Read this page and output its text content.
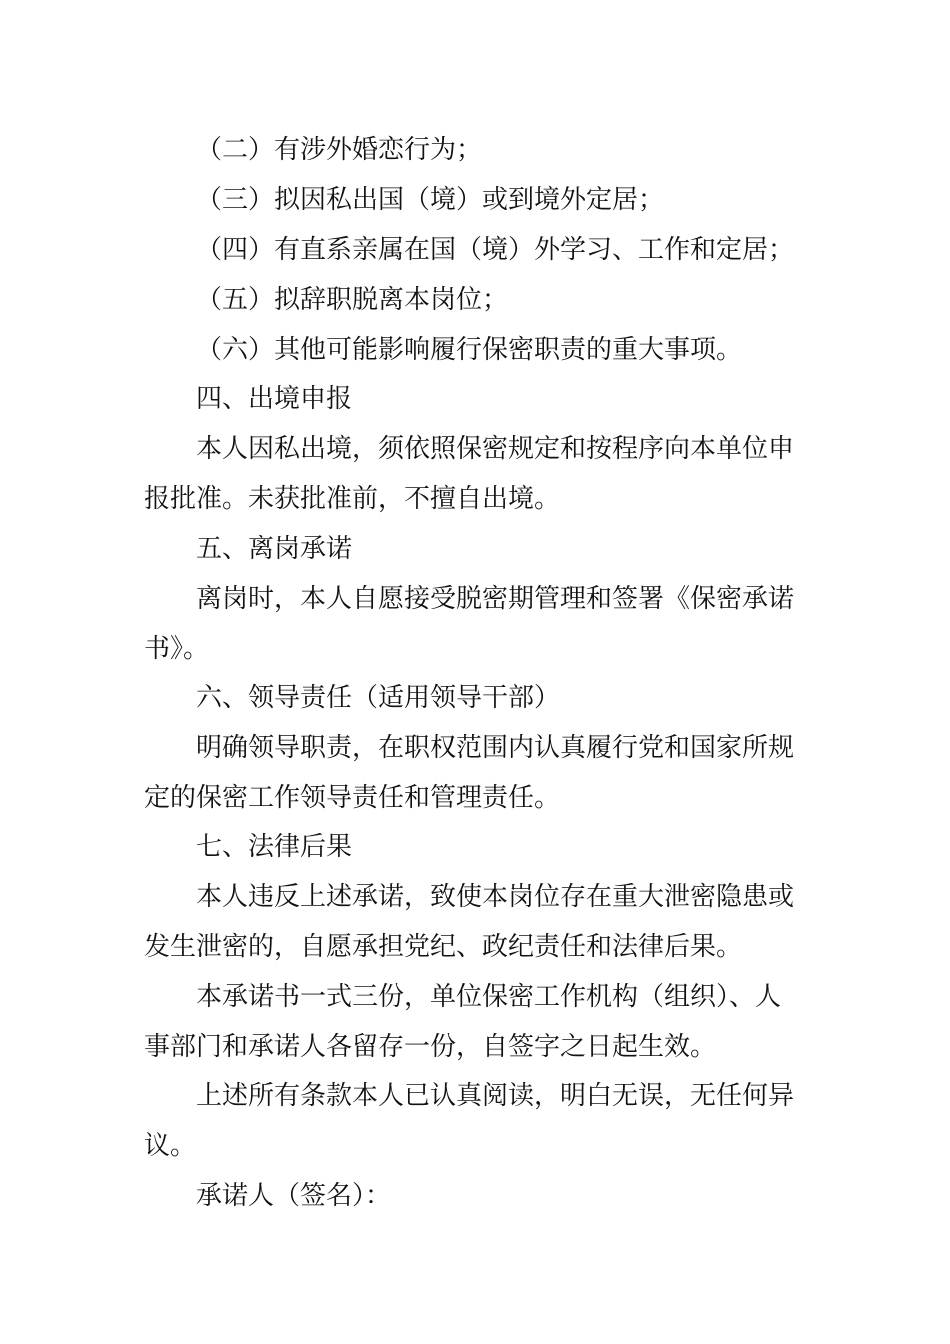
（二）有涉外婚恋行为；
（三）拟因私出国（境）或到境外定居；
（四）有直系亲属在国（境）外学习、工作和定居；
（五）拟辞职脱离本岗位；
（六）其他可能影响履行保密职责的重大事项。
四、出境申报
本人因私出境，须依照保密规定和按程序向本单位申
报批准。未获批准前，不擅自出境。
五、离岗承诺
离岗时，本人自愿接受脱密期管理和签署《保密承诺
书》。
六、领导责任（适用领导干部）
明确领导职责，在职权范围内认真履行党和国家所规
定的保密工作领导责任和管理责任。
七、法律后果
本人违反上述承诺，致使本岗位存在重大泄密隐患或
发生泄密的，自愿承担党纪、政纪责任和法律后果。
本承诺书一式三份，单位保密工作机构（组织）、人
事部门和承诺人各留存一份，自签字之日起生效。
上述所有条款本人已认真阅读，明白无误，无任何异
议。
承诺人（签名）：
